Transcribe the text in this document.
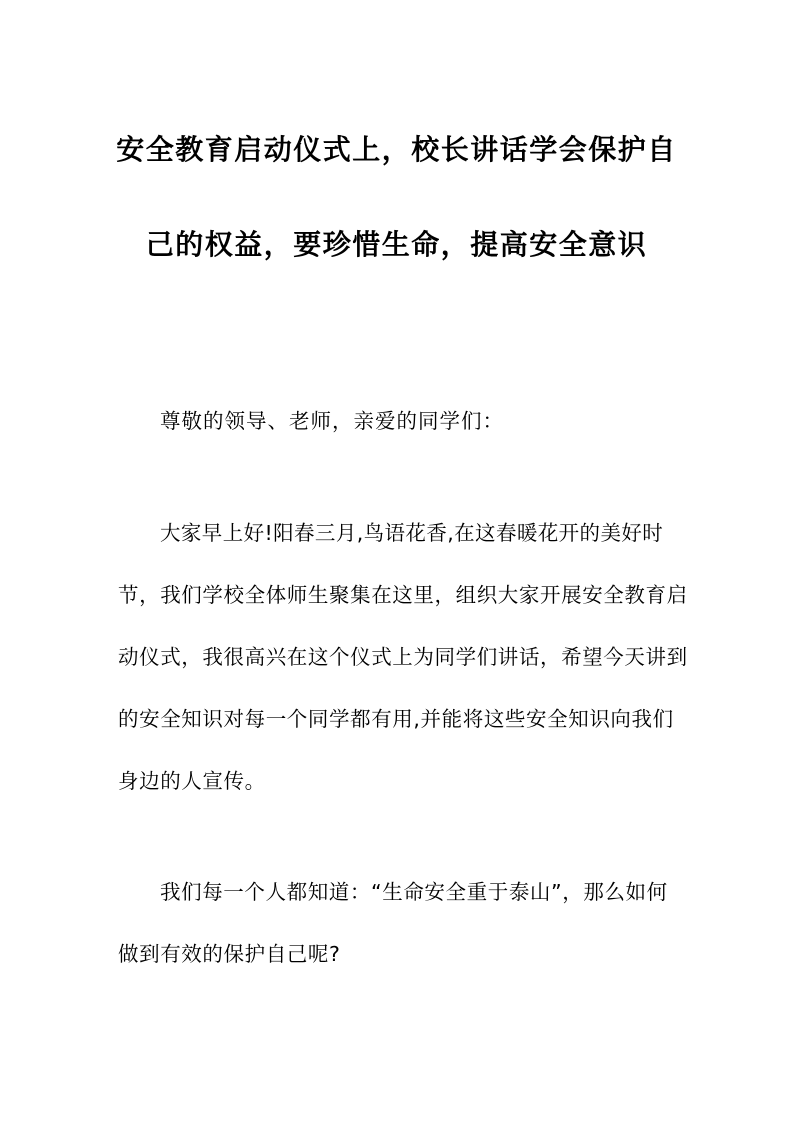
安全教育启动仪式上，校长讲话学会保护自
己的权益，要珍惜生命，提高安全意识
尊敬的领导、老师，亲爱的同学们：
大家早上好!阳春三月,鸟语花香,在这春暖花开的美好时
节，我们学校全体师生聚集在这里，组织大家开展安全教育启
动仪式，我很高兴在这个仪式上为同学们讲话，希望今天讲到
的安全知识对每一个同学都有用,并能将这些安全知识向我们
身边的人宣传。
我们每一个人都知道：“生命安全重于泰山”，那么如何
做到有效的保护自己呢?
